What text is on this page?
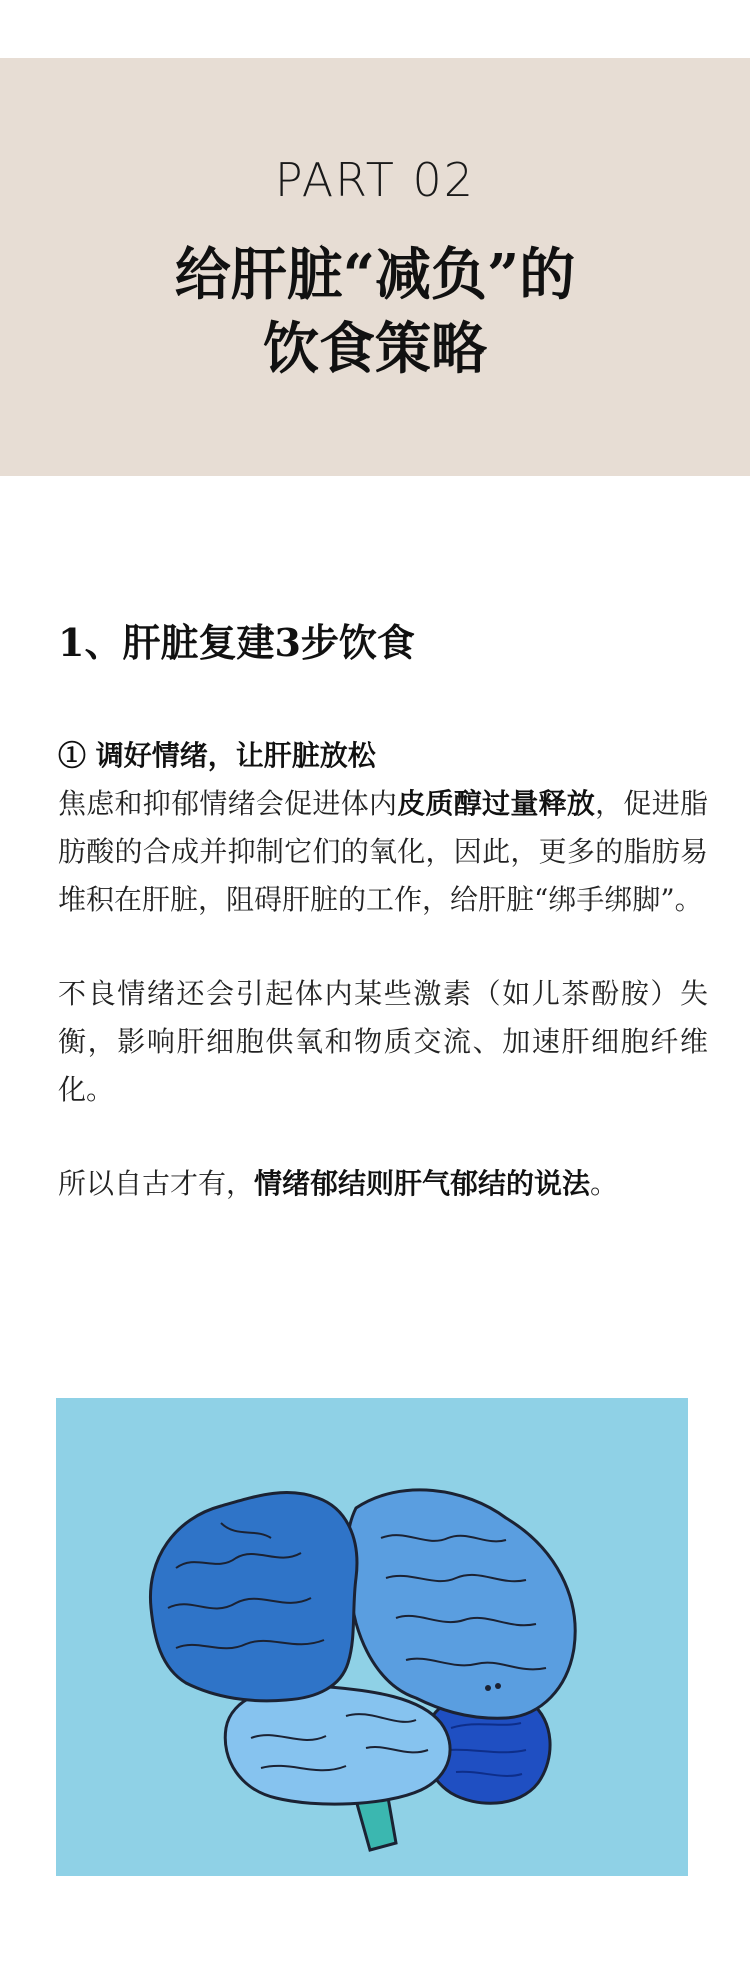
PART 02
给肝脏“减负”的
饮食策略
1、肝脏复建3步饮食
① 调好情绪，让肝脏放松

焦虑和抑郁情绪会促进体内皮质醇过量释放，促进脂肪酸的合成并抑制它们的氧化，因此，更多的脂肪易堆积在肝脏，阻碍肝脏的工作，给肝脏“绑手绑脚”。

不良情绪还会引起体内某些激素（如儿茶酚胺）失衡，影响肝细胞供氧和物质交流、加速肝细胞纤维化。

所以自古才有，情绪郁结则肝气郁结的说法。
